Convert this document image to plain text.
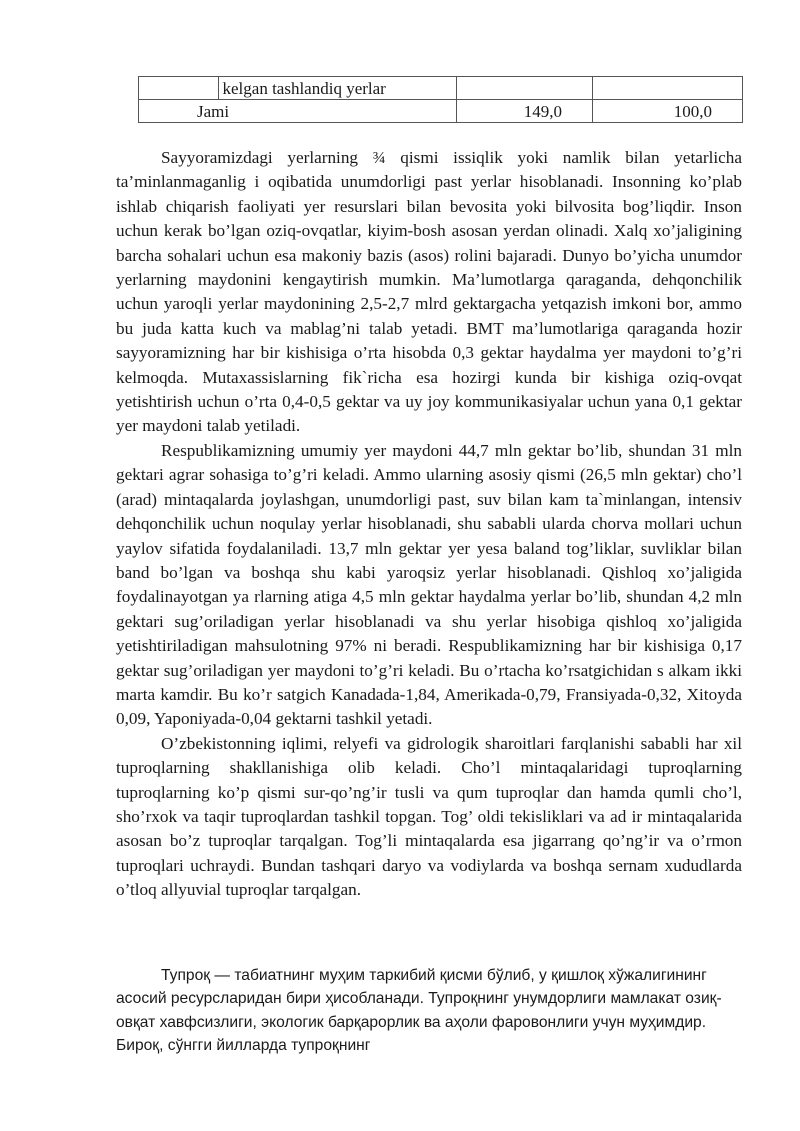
	kelgan tashlandiq yerlar		
Jami		149,0	100,0

Sayyoramizdagi yerlarning ¾ qismi issiqlik yoki namlik bilan yetarlicha ta’minlanmaganlig i oqibatida unumdorligi past yerlar hisoblanadi. Insonning ko’plab ishlab chiqarish faoliyati yer resurslari bilan bevosita yoki bilvosita bog’liqdir. Inson uchun kerak bo’lgan oziq-ovqatlar, kiyim-bosh asosan yerdan olinadi. Xalq xo’jaligining barcha sohalari uchun esa makoniy bazis (asos) rolini bajaradi. Dunyo bo’yicha unumdor yerlarning maydonini kengaytirish mumkin. Ma’lumotlarga qaraganda, dehqonchilik uchun yaroqli yerlar maydonining 2,5-2,7 mlrd gektargacha yetqazish imkoni bor, ammo bu juda katta kuch va mablag’ni talab yetadi. BMT ma’lumotlariga qaraganda hozir sayyoramizning har bir kishisiga o’rta hisobda 0,3 gektar haydalma yer maydoni to’g’ri kelmoqda. Mutaxassislarning fik`richa esa hozirgi kunda bir kishiga oziq-ovqat yetishtirish uchun o’rta 0,4-0,5 gektar va uy joy kommunikasiyalar uchun yana 0,1 gektar yer maydoni talab yetiladi.

Respublikamizning umumiy yer maydoni 44,7 mln gektar bo’lib, shundan 31 mln gektari agrar sohasiga to’g’ri keladi. Ammo ularning asosiy qismi (26,5 mln gektar) cho’l (arad) mintaqalarda joylashgan, unumdorligi past, suv bilan kam ta`minlangan, intensiv dehqonchilik uchun noqulay yerlar hisoblanadi, shu sababli ularda chorva mollari uchun yaylov sifatida foydalaniladi. 13,7 mln gektar yer yesa baland tog’liklar, suvliklar bilan band bo’lgan va boshqa shu kabi yaroqsiz yerlar hisoblanadi. Qishloq xo’jaligida foydalinayotgan ya rlarning atiga 4,5 mln gektar haydalma yerlar bo’lib, shundan 4,2 mln gektari sug’oriladigan yerlar hisoblanadi va shu yerlar hisobiga qishloq xo’jaligida yetishtiriladigan mahsulotning 97% ni beradi. Respublikamizning har bir kishisiga 0,17 gektar sug’oriladigan yer maydoni to’g’ri keladi. Bu o’rtacha ko’rsatgichidan s alkam ikki marta kamdir. Bu ko’r satgich Kanadada-1,84, Amerikada-0,79, Fransiyada-0,32, Xitoyda 0,09, Yaponiyada-0,04 gektarni tashkil yetadi.

O’zbekistonning iqlimi, relyefi va gidrologik sharoitlari farqlanishi sababli har xil tuproqlarning shakllanishiga olib keladi. Cho’l mintaqalaridagi tuproqlarning tuproqlarning ko’p qismi sur-qo’ng’ir tusli va qum tuproqlar dan hamda qumli cho’l, sho’rxok va taqir tuproqlardan tashkil topgan. Tog’ oldi tekisliklari va ad ir mintaqalarida asosan bo’z tuproqlar tarqalgan. Tog’li mintaqalarda esa jigarrang qo’ng’ir va o’rmon tuproqlari uchraydi. Bundan tashqari daryo va vodiylarda va boshqa sernam xududlarda o’tloq allyuvial tuproqlar tarqalgan.

Тупроқ — табиатнинг муҳим таркибий қисми бўлиб, у қишлоқ хўжалигининг асосий ресурсларидан бири ҳисобланади. Тупроқнинг унумдорлиги мамлакат озиқ-овқат хавфсизлиги, экологик барқарорлик ва аҳоли фаровонлиги учун муҳимдир. Бироқ, сўнгги йилларда тупроқнинг
